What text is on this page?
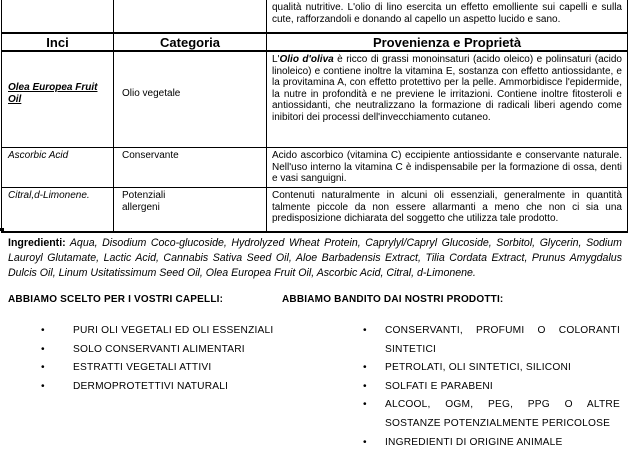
		qualità nutritive. L'olio di lino esercita un effetto emolliente sui capelli e sulla cute, rafforzandoli e donando al capello un aspetto lucido e sano.

Inci	Categoria	Provenienza e Proprietà
Olea Europea Fruit Oil	Olio vegetale	L'Olio d'oliva è ricco di grassi monoinsaturi (acido oleico) e polinsaturi (acido linoleico) e contiene inoltre la vitamina E, sostanza con effetto antiossidante, e la provitamina A, con effetto protettivo per la pelle. Ammorbidisce l'epidermide, la nutre in profondità e ne previene le irritazioni. Contiene inoltre fitosteroli e antiossidanti, che neutralizzano la formazione di radicali liberi agendo come inibitori dei processi dell'invecchiamento cutaneo.
Ascorbic Acid	Conservante	Acido ascorbico (vitamina C) eccipiente antiossidante e conservante naturale. Nell'uso interno la vitamina C è indispensabile per la formazione di ossa, denti e vasi sanguigni.
Citral,d-Limonene.	Potenziali allergeni	Contenuti naturalmente in alcuni oli essenziali, generalmente in quantità talmente piccole da non essere allarmanti a meno che non ci sia una predisposizione dichiarata del soggetto che utilizza tale prodotto.

Ingredienti: Aqua, Disodium Coco-glucoside, Hydrolyzed Wheat Protein, Caprylyl/Capryl Glucoside, Sorbitol, Glycerin, Sodium Lauroyl Glutamate, Lactic Acid, Cannabis Sativa Seed Oil, Aloe Barbadensis Extract, Tilia Cordata Extract, Prunus Amygdalus Dulcis Oil, Linum Usitatissimum Seed Oil, Olea Europea Fruit Oil, Ascorbic Acid, Citral, d-Limonene.

ABBIAMO SCELTO PER I VOSTRI CAPELLI:	ABBIAMO BANDITO DAI NOSTRI PRODOTTI:
• PURI OLI VEGETALI ED OLI ESSENZIALI
• SOLO CONSERVANTI ALIMENTARI
• ESTRATTI VEGETALI ATTIVI
• DERMOPROTETTIVI NATURALI
• CONSERVANTI, PROFUMI O COLORANTI SINTETICI
• PETROLATI, OLI SINTETICI, SILICONI
• SOLFATI E PARABENI
• ALCOOL, OGM, PEG, PPG O ALTRE SOSTANZE POTENZIALMENTE PERICOLOSE
• INGREDIENTI DI ORIGINE ANIMALE
